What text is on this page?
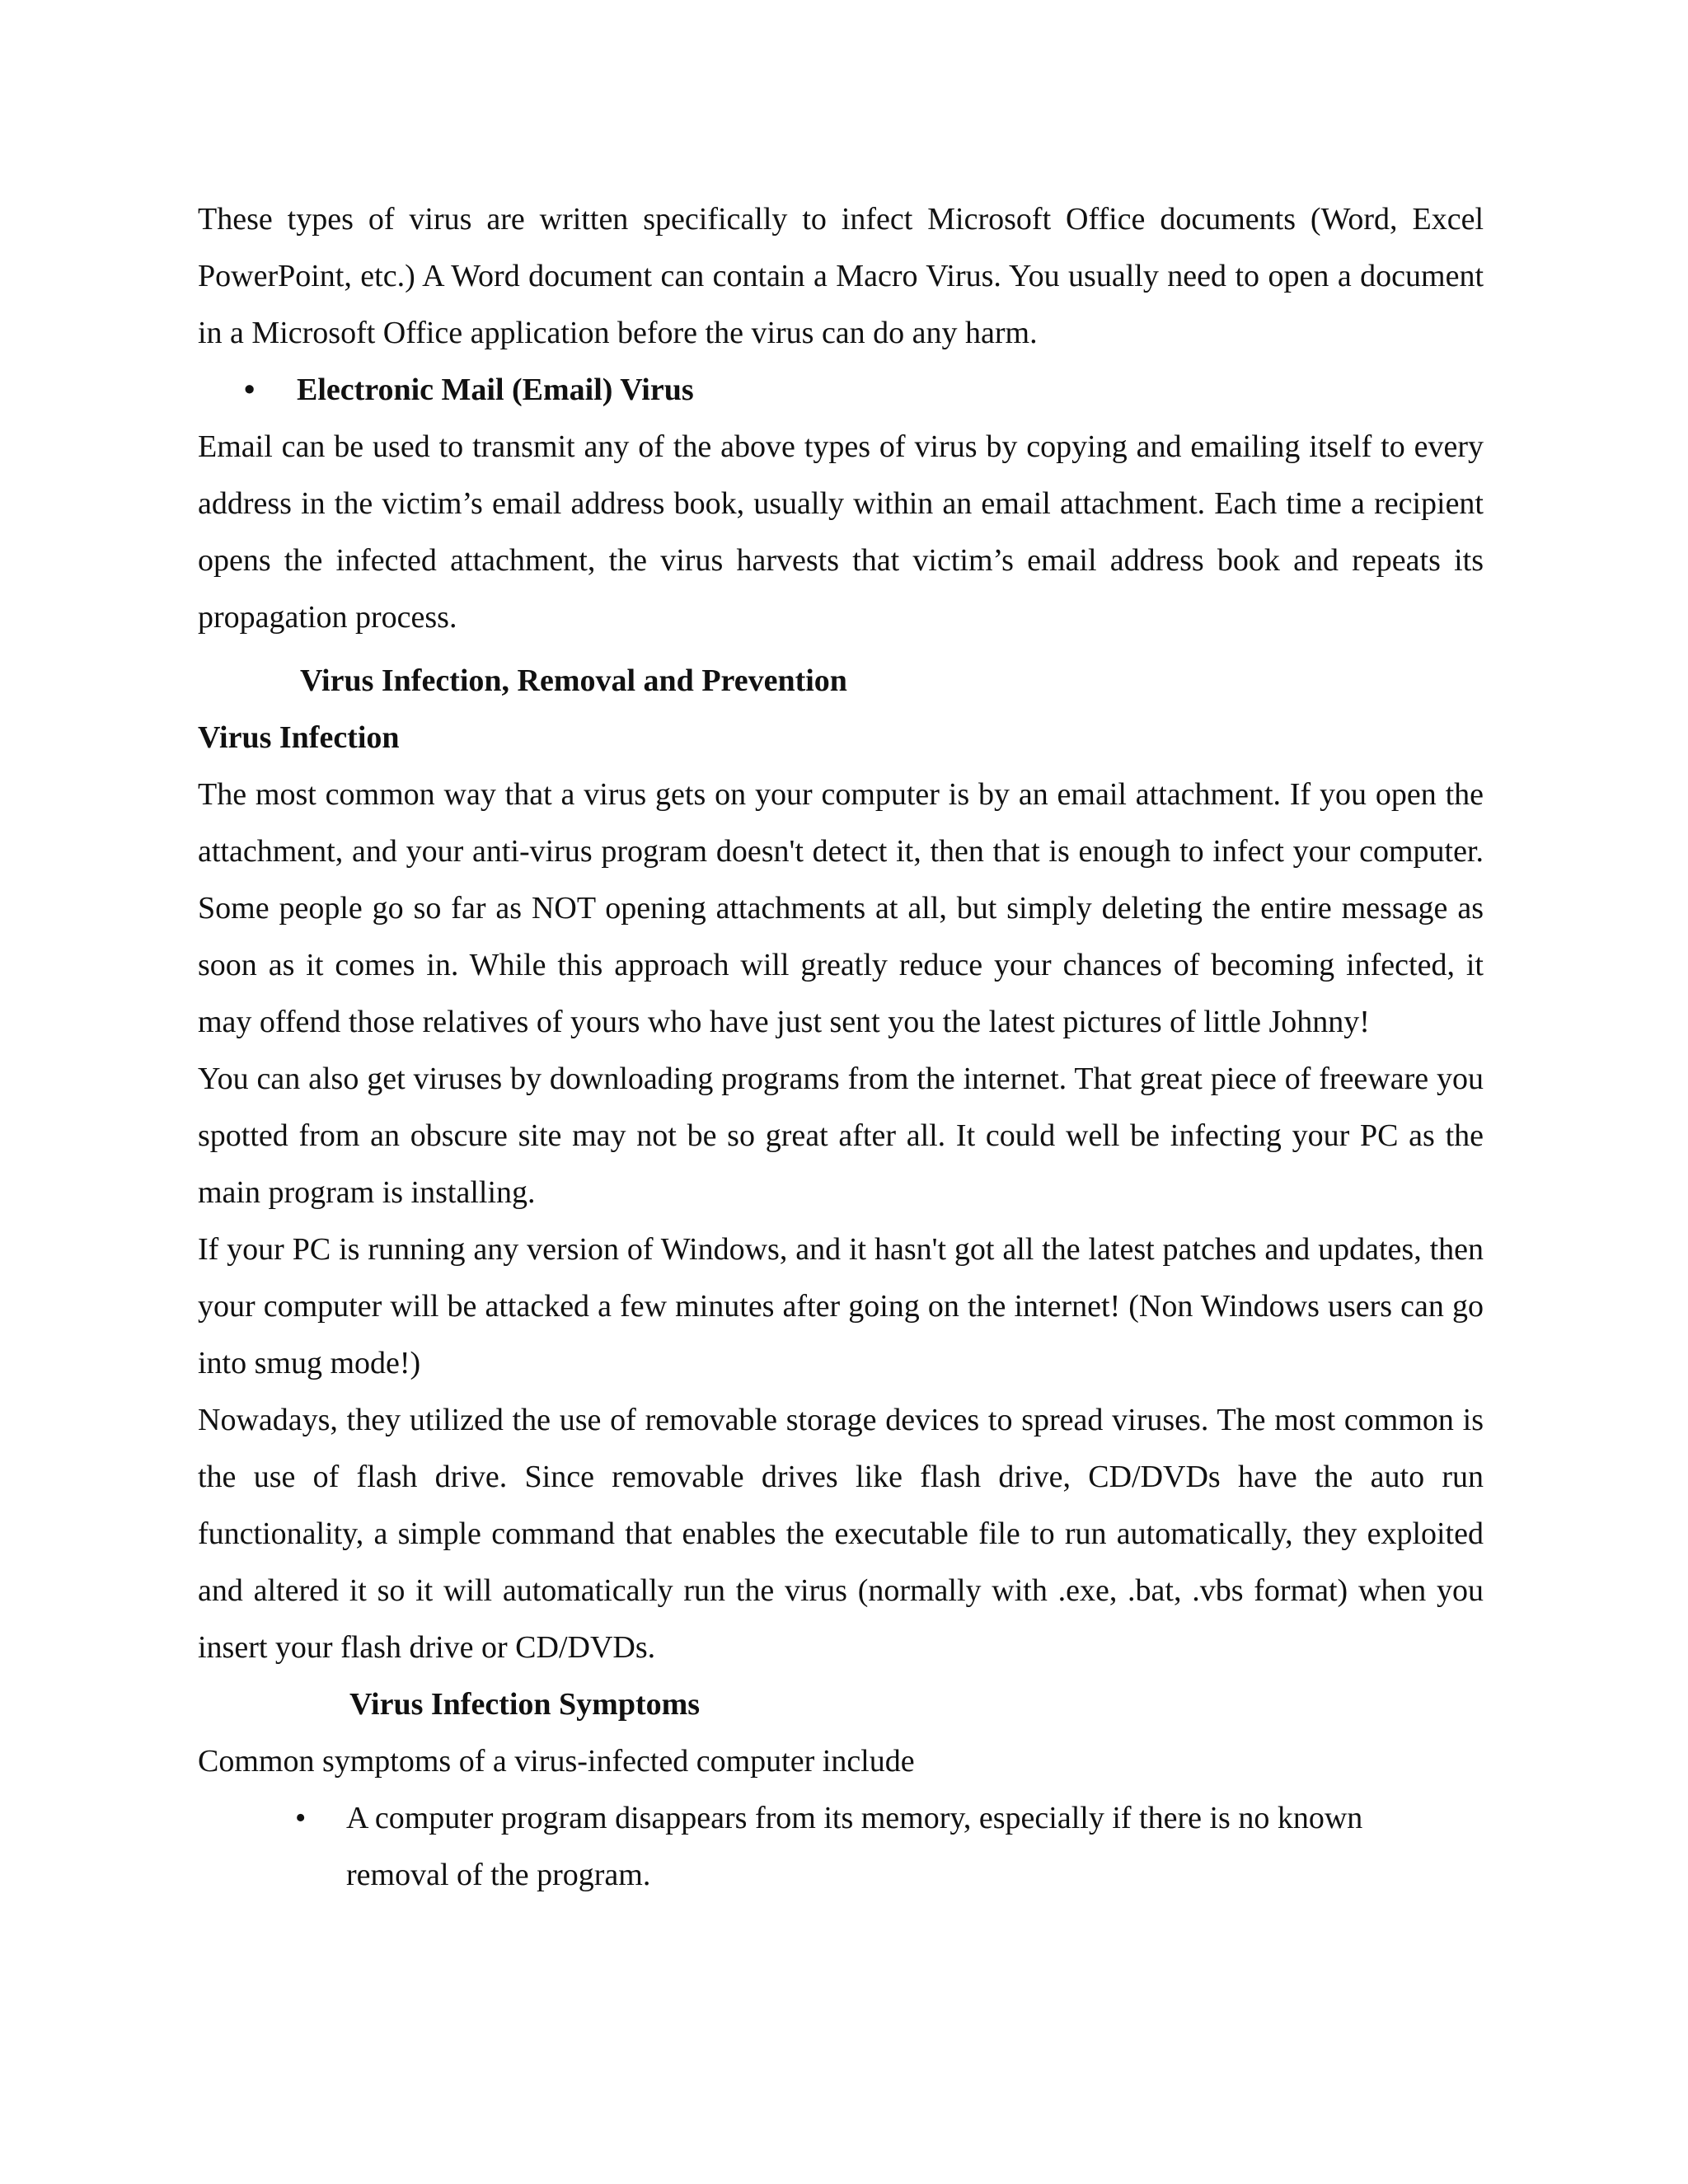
These types of virus are written specifically to infect Microsoft Office documents (Word, Excel PowerPoint, etc.) A Word document can contain a Macro Virus. You usually need to open a document in a Microsoft Office application before the virus can do any harm.

•	Electronic Mail (Email) Virus

Email can be used to transmit any of the above types of virus by copying and emailing itself to every address in the victim’s email address book, usually within an email attachment. Each time a recipient opens the infected attachment, the virus harvests that victim’s email address book and repeats its propagation process.

Virus Infection, Removal and Prevention
Virus Infection

The most common way that a virus gets on your computer is by an email attachment. If you open the attachment, and your anti-virus program doesn't detect it, then that is enough to infect your computer. Some people go so far as NOT opening attachments at all, but simply deleting the entire message as soon as it comes in. While this approach will greatly reduce your chances of becoming infected, it may offend those relatives of yours who have just sent you the latest pictures of little Johnny!

You can also get viruses by downloading programs from the internet. That great piece of freeware you spotted from an obscure site may not be so great after all. It could well be infecting your PC as the main program is installing.

If your PC is running any version of Windows, and it hasn't got all the latest patches and updates, then your computer will be attacked a few minutes after going on the internet! (Non Windows users can go into smug mode!)

Nowadays, they utilized the use of removable storage devices to spread viruses. The most common is the use of flash drive. Since removable drives like flash drive, CD/DVDs have the auto run functionality, a simple command that enables the executable file to run automatically, they exploited and altered it so it will automatically run the virus (normally with .exe, .bat, .vbs format) when you insert your flash drive or CD/DVDs.

Virus Infection Symptoms

Common symptoms of a virus-infected computer include

•	A computer program disappears from its memory, especially if there is no known removal of the program.
